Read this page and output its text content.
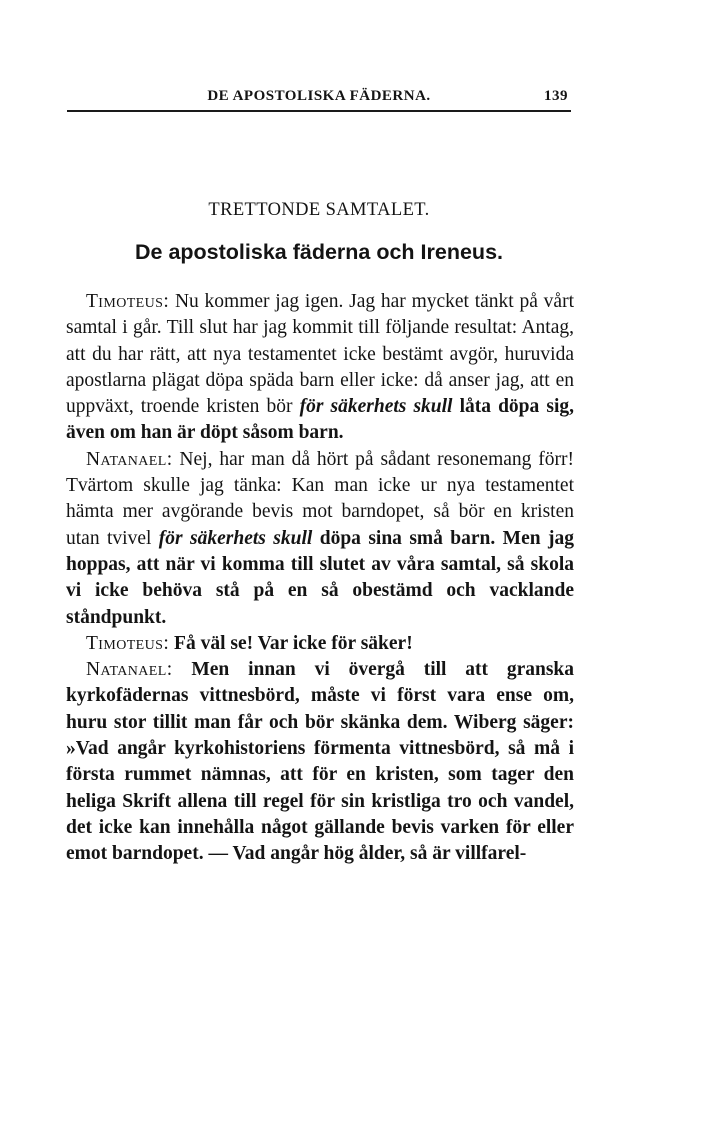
DE APOSTOLISKA FÄDERNA.	139
TRETTONDE SAMTALET.
De apostoliska fäderna och Ireneus.

Timoteus: Nu kommer jag igen. Jag har mycket tänkt på vårt samtal i går. Till slut har jag kommit till följande resultat: Antag, att du har rätt, att nya testamentet icke bestämt avgör, huruvida apostlarna plägat döpa späda barn eller icke: då anser jag, att en uppväxt, troende kristen bör för säkerhets skull låta döpa sig, även om han är döpt såsom barn.

Natanael: Nej, har man då hört på sådant resonemang förr! Tvärtom skulle jag tänka: Kan man icke ur nya testamentet hämta mer avgörande bevis mot barndopet, så bör en kristen utan tvivel för säkerhets skull döpa sina små barn. Men jag hoppas, att när vi komma till slutet av våra samtal, så skola vi icke behöva stå på en så obestämd och vacklande ståndpunkt.

Timoteus: Få väl se! Var icke för säker!

Natanael: Men innan vi övergå till att granska kyrkofädernas vittnesbörd, måste vi först vara ense om, huru stor tillit man får och bör skänka dem. Wiberg säger: »Vad angår kyrkohistoriens förmenta vittnesbörd, så må i första rummet nämnas, att för en kristen, som tager den heliga Skrift allena till regel för sin kristliga tro och vandel, det icke kan innehålla något gällande bevis varken för eller emot barndopet. — Vad angår hög ålder, så är villfarel-
